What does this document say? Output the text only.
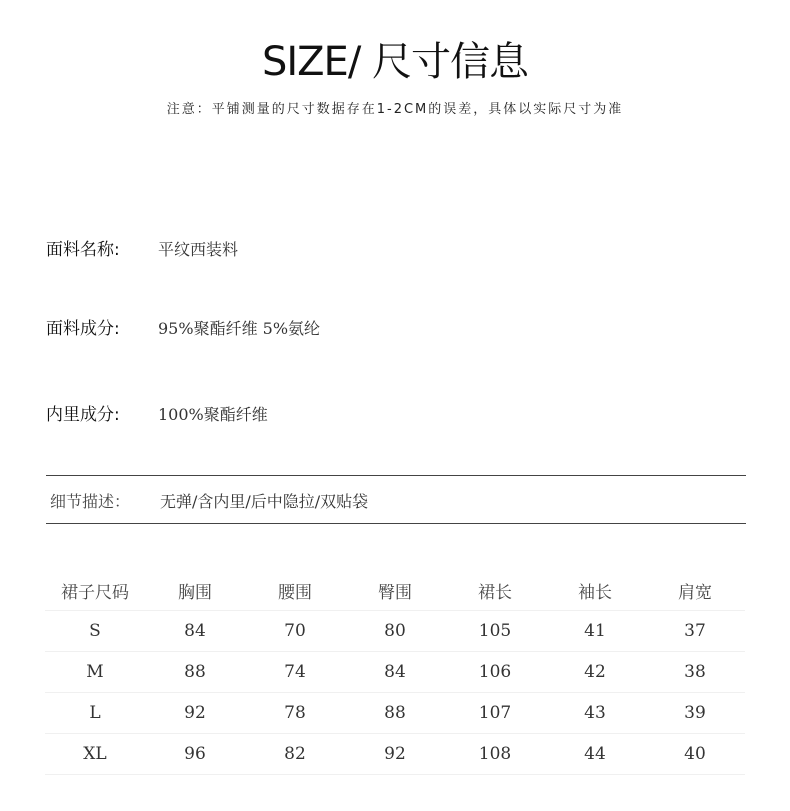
SIZE/ 尺寸信息
注意：平铺测量的尺寸数据存在1-2CM的误差，具体以实际尺寸为准
面料名称: 平纹西装料
面料成分: 95%聚酯纤维 5%氨纶
内里成分: 100%聚酯纤维
细节描述： 无弹/含内里/后中隐拉/双贴袋
裙子尺码	胸围	腰围	臀围	裙长	袖长	肩宽
S	84	70	80	105	41	37
M	88	74	84	106	42	38
L	92	78	88	107	43	39
XL	96	82	92	108	44	40
